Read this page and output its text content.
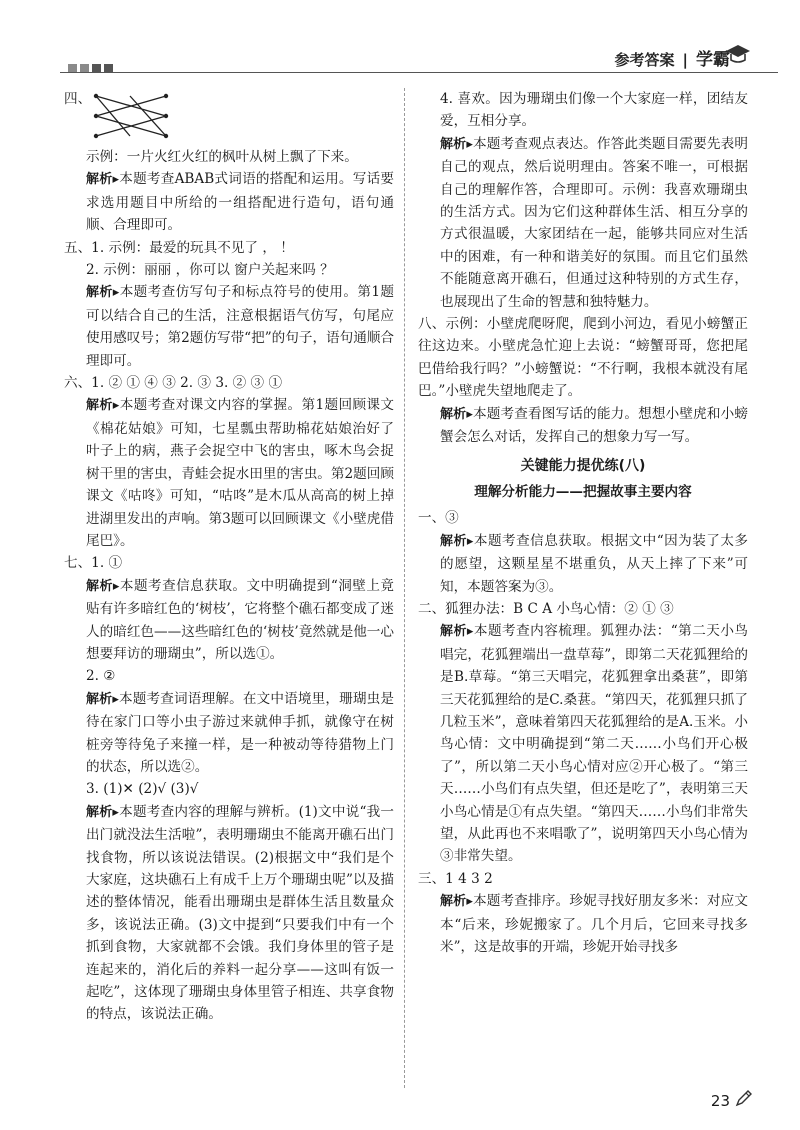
参考答案 | 学霸
四、

示例：一片火红火红的枫叶从树上飘了下来。

解析▸本题考查ABAB式词语的搭配和运用。写话要求选用题目中所给的一组搭配进行造句，语句通顺、合理即可。

五、1. 示例：最爱的玩具不见了 ， ！

2. 示例：丽丽 ，你可以 窗户关起来吗 ？

解析▸本题考查仿写句子和标点符号的使用。第1题可以结合自己的生活，注意根据语气仿写，句尾应使用感叹号；第2题仿写带“把”的句子，语句通顺合理即可。

六、1. ② ① ④ ③ 2. ③ 3. ② ③ ①

解析▸本题考查对课文内容的掌握。第1题回顾课文《棉花姑娘》可知，七星瓢虫帮助棉花姑娘治好了叶子上的病，燕子会捉空中飞的害虫，啄木鸟会捉树干里的害虫，青蛙会捉水田里的害虫。第2题回顾课文《咕咚》可知，“咕咚”是木瓜从高高的树上掉进湖里发出的声响。第3题可以回顾课文《小壁虎借尾巴》。

七、1. ①

解析▸本题考查信息获取。文中明确提到“洞壁上竟贴有许多暗红色的‘树枝’，它将整个礁石都变成了迷人的暗红色——这些暗红色的‘树枝’竟然就是他一心想要拜访的珊瑚虫”，所以选①。

2. ②

解析▸本题考查词语理解。在文中语境里，珊瑚虫是待在家门口等小虫子游过来就伸手抓，就像守在树桩旁等待兔子来撞一样，是一种被动等待猎物上门的状态，所以选②。

3. (1)✕ (2)√ (3)√

解析▸本题考查内容的理解与辨析。(1)文中说“我一出门就没法生活啦”，表明珊瑚虫不能离开礁石出门找食物，所以该说法错误。(2)根据文中“我们是个大家庭，这块礁石上有成千上万个珊瑚虫呢”以及描述的整体情况，能看出珊瑚虫是群体生活且数量众多，该说法正确。(3)文中提到“只要我们中有一个抓到食物，大家就都不会饿。我们身体里的管子是连起来的，消化后的养料一起分享——这叫有饭一起吃”，这体现了珊瑚虫身体里管子相连、共享食物的特点，该说法正确。

4. 喜欢。因为珊瑚虫们像一个大家庭一样，团结友爱，互相分享。

解析▸本题考查观点表达。作答此类题目需要先表明自己的观点，然后说明理由。答案不唯一，可根据自己的理解作答，合理即可。示例：我喜欢珊瑚虫的生活方式。因为它们这种群体生活、相互分享的方式很温暖，大家团结在一起，能够共同应对生活中的困难，有一种和谐美好的氛围。而且它们虽然不能随意离开礁石，但通过这种特别的方式生存，也展现出了生命的智慧和独特魅力。

八、示例：小壁虎爬呀爬，爬到小河边，看见小螃蟹正往这边来。小壁虎急忙迎上去说：“螃蟹哥哥，您把尾巴借给我行吗？”小螃蟹说：“不行啊，我根本就没有尾巴。”小壁虎失望地爬走了。

解析▸本题考查看图写话的能力。想想小壁虎和小螃蟹会怎么对话，发挥自己的想象力写一写。

关键能力提优练(八)
理解分析能力——把握故事主要内容

一、③

解析▸本题考查信息获取。根据文中“因为装了太多的愿望，这颗星星不堪重负，从天上摔了下来”可知，本题答案为③。

二、狐狸办法：B C A 小鸟心情：② ① ③

解析▸本题考查内容梳理。狐狸办法：“第二天小鸟唱完，花狐狸端出一盘草莓”，即第二天花狐狸给的是B.草莓。“第三天唱完，花狐狸拿出桑葚”，即第三天花狐狸给的是C.桑葚。“第四天，花狐狸只抓了几粒玉米”，意味着第四天花狐狸给的是A.玉米。小鸟心情：文中明确提到“第二天……小鸟们开心极了”，所以第二天小鸟心情对应②开心极了。“第三天……小鸟们有点失望，但还是吃了”，表明第三天小鸟心情是①有点失望。“第四天……小鸟们非常失望，从此再也不来唱歌了”，说明第四天小鸟心情为③非常失望。

三、1 4 3 2

解析▸本题考查排序。珍妮寻找好朋友多米：对应文本“后来，珍妮搬家了。几个月后，它回来寻找多米”，这是故事的开端，珍妮开始寻找多

23
